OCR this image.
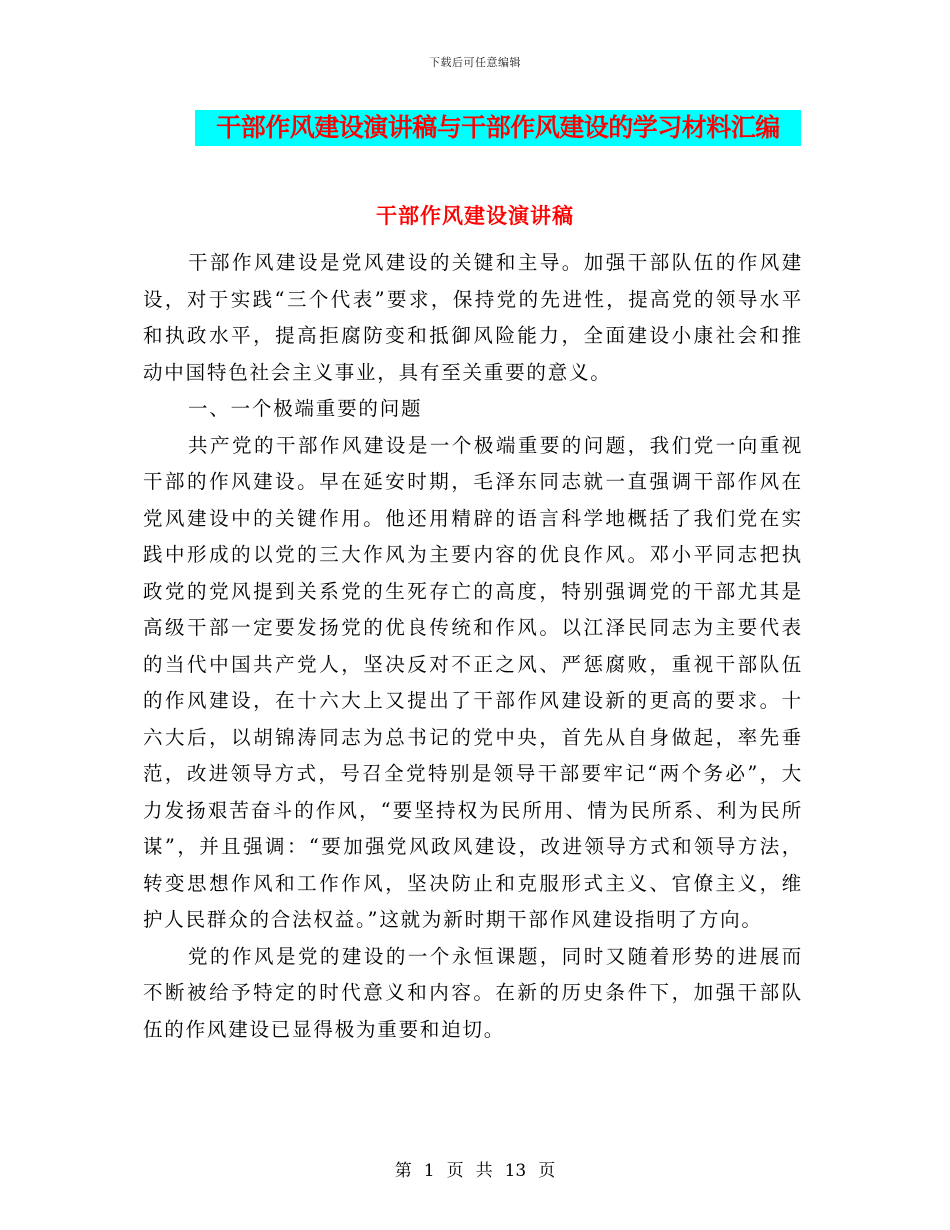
下载后可任意编辑
干部作风建设演讲稿与干部作风建设的学习材料汇编
干部作风建设演讲稿

干部作风建设是党风建设的关键和主导。加强干部队伍的作风建设，对于实践“三个代表”要求，保持党的先进性，提高党的领导水平和执政水平，提高拒腐防变和抵御风险能力，全面建设小康社会和推动中国特色社会主义事业，具有至关重要的意义。

一、一个极端重要的问题

共产党的干部作风建设是一个极端重要的问题，我们党一向重视干部的作风建设。早在延安时期，毛泽东同志就一直强调干部作风在党风建设中的关键作用。他还用精辟的语言科学地概括了我们党在实践中形成的以党的三大作风为主要内容的优良作风。邓小平同志把执政党的党风提到关系党的生死存亡的高度，特别强调党的干部尤其是高级干部一定要发扬党的优良传统和作风。以江泽民同志为主要代表的当代中国共产党人，坚决反对不正之风、严惩腐败，重视干部队伍的作风建设，在十六大上又提出了干部作风建设新的更高的要求。十六大后，以胡锦涛同志为总书记的党中央，首先从自身做起，率先垂范，改进领导方式，号召全党特别是领导干部要牢记“两个务必”，大力发扬艰苦奋斗的作风，“要坚持权为民所用、情为民所系、利为民所谋”，并且强调：“要加强党风政风建设，改进领导方式和领导方法，转变思想作风和工作作风，坚决防止和克服形式主义、官僚主义，维护人民群众的合法权益。”这就为新时期干部作风建设指明了方向。

党的作风是党的建设的一个永恒课题，同时又随着形势的进展而不断被给予特定的时代意义和内容。在新的历史条件下，加强干部队伍的作风建设已显得极为重要和迫切。

第 1 页 共 13 页
